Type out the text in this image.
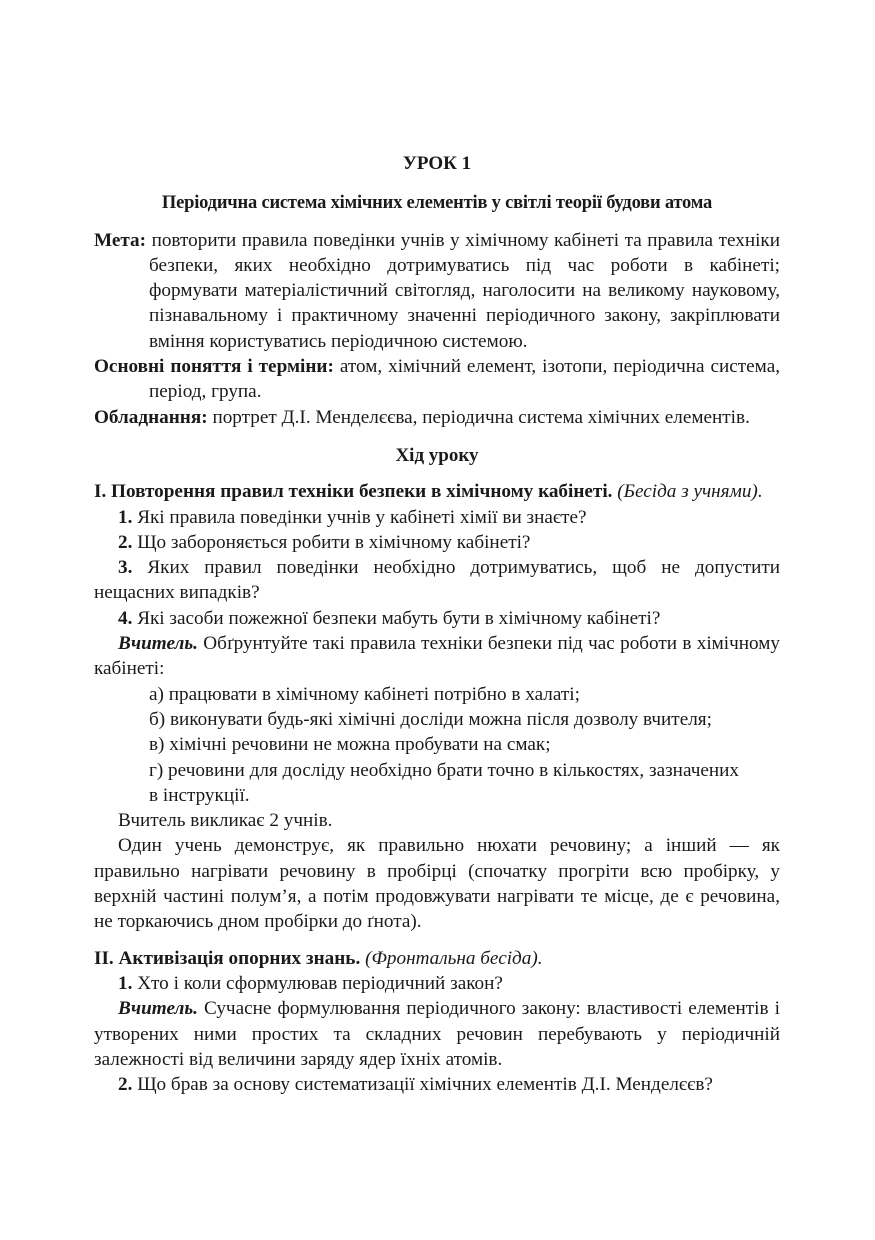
УРОК 1

Періодична система хімічних елементів у світлі теорії будови атома

Мета: повторити правила поведінки учнів у хімічному кабінеті та правила техніки безпеки, яких необхідно дотримуватись під час роботи в кабінеті; формувати матеріалістичний світогляд, наголосити на великому науковому, пізнавальному і практичному значенні періодичного закону, закріплювати вміння користуватись періодичною системою.

Основні поняття і терміни: атом, хімічний елемент, ізотопи, періодична система, період, група.

Обладнання: портрет Д.І. Менделєєва, періодична система хімічних елементів.

Хід уроку

I. Повторення правил техніки безпеки в хімічному кабінеті. (Бесіда з учнями).

1. Які правила поведінки учнів у кабінеті хімії ви знаєте?

2. Що забороняється робити в хімічному кабінеті?

3. Яких правил поведінки необхідно дотримуватись, щоб не допустити нещасних випадків?

4. Які засоби пожежної безпеки мабуть бути в хімічному кабінеті?

Вчитель. Обґрунтуйте такі правила техніки безпеки під час роботи в хімічному кабінеті:

а) працювати в хімічному кабінеті потрібно в халаті;

б) виконувати будь-які хімічні досліди можна після дозволу вчителя;

в) хімічні речовини не можна пробувати на смак;

г) речовини для досліду необхідно брати точно в кількостях, зазначених

в інструкції.

Вчитель викликає 2 учнів.

Один учень демонструє, як правильно нюхати речовину; а інший — як правильно нагрівати речовину в пробірці (спочатку прогріти всю пробірку, у верхній частині полум’я, а потім продовжувати нагрівати те місце, де є речовина, не торкаючись дном пробірки до ґнота).

II. Активізація опорних знань. (Фронтальна бесіда).

1. Хто і коли сформулював періодичний закон?

Вчитель. Сучасне формулювання періодичного закону: властивості елементів і утворених ними простих та складних речовин перебувають у періодичній залежності від величини заряду ядер їхніх атомів.

2. Що брав за основу систематизації хімічних елементів Д.І. Менделєєв?
